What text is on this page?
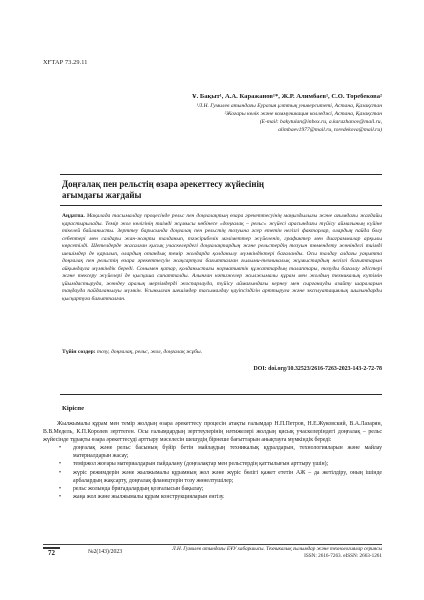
ХҒТАР 73.29.11
Ұ. Бақыт¹, А.А. Каражанов¹*, Ж.Р. Алимбаев¹, С.О. Торебекова²
¹Л.Н. Гумилев атындағы Еуразия ұлттық университеті, Астана, Қазақстан
²Жоғары көлік және коммуникация колледжі, Астана, Қазақстан
(E-mail: bakytulan@inbox.ru, a.karazhanov@mail.ru,
alimbaev1977@mail.ru, toredekova@mail.ru)
Доңғалақ пен рельстің өзара әрекеттесу жүйесінің
ағымдағы жағдайы
Аңдатпа. Мақалада тасымалдау процесінде рельс пен доңғалақтың өзара әрекеттесуінің маңыздылығы және ағымдағы жағдайы қарастырылады. Темір жол көлігінің тиімді жұмысы көбінесе «доңғалақ – рельс» жүйесі арасындағы түйісу аймағының күйіне тікелей байланысты. Зерттеу барысында доңғалақ пен рельстің тозуына әсер ететін негізгі факторлар, олардың пайда болу себептері мен салдары жан-жақты талданып, тәжірибелік мәліметтер жүйеленіп, графиктер мен диаграммалар арқылы көрсетілді. Шетелдерде жасалған қисық учаскелердегі доңғалақтардың және рельстердің тозуын төмендету жөніндегі тиімді шешімдер де қаралып, олардың отандық темір жолдарда қолданылу мүмкіндіктері бағаланды. Осы талдау алдағы уақытта доңғалақ пен рельстің өзара әрекеттесуін жақсартуға бағытталған ғылыми-техникалық жұмыстардың негізгі бағыттарын айқындауға мүмкіндік береді. Сонымен қатар, қолданыстағы нормативтік құжаттардың талаптары, тозуды бағалау әдістері және тексеру жүйелері де қысқаша сипатталды. Алынған нәтижелер жылжымалы құрам мен жолдың техникалық күтімін ұйымдастыруда, жөндеу аралық мерзімдерді жоспарлауда, түйісу аймағындағы кернеу мен сырғанауды азайту шараларын таңдауда пайдаланылуы мүмкін. Ұсынылған шешімдер тасымалдау қауіпсіздігін арттыруға және эксплуатациялық шығындарды қысқартуға бағытталған.
Түйін сөздер: тозу, доңғалақ, рельс, жол, доңғалақ жұбы.
DOI: doi.org/10.32523/2616-7263-2023-143-2-72-78
Кіріспе

Жылжымалы құрам мен темір жолдың өзара әрекеттесу процесін атақты ғалымдар Н.П.Петров, Н.Е.Жуковский, В.А.Лазарян, В.В.Медель, К.П.Королев зерттеген. Осы ғалымдардың зерттеулерінің нәтижелері жолдың қисық учаскелеріндегі доңғалақ – рельс жүйесінде тұрақты өзара әрекеттесуді арттыру мәселесін шешудің бірнеше бағыттарын анықтауға мүмкіндік береді:

• доңғалақ және рельс басының бүйір бетін майлаудың техникалық құралдарын, технологияларын және майлау материалдарын жасау;
• теміржол жоғары материалдарын пайдалану (доңғалақтар мен рельстердің қаттылығын арттыру үшін);
• жүріс режимдерін және жылжымалы құрамның жол және жүріс бөлігі қажет ететін АЖ – да жетілдіру, оның ішінде арбалардың жақсарту, доңғалақ фланецтерін тозу жөнелтушілер;
• рельс жолында бригадалардың қозғалысын бақылау;
• жаңа жол және жылжымалы құрам конструкцияларын енгізу.
72	№2(143)/2023	Л.Н. Гумилев атындағы ЕҰУ хабаршысы. Техникалық ғылымдар және технологиялар сериясы
ISSN: 2616-7263. eISSN: 2663-1261
